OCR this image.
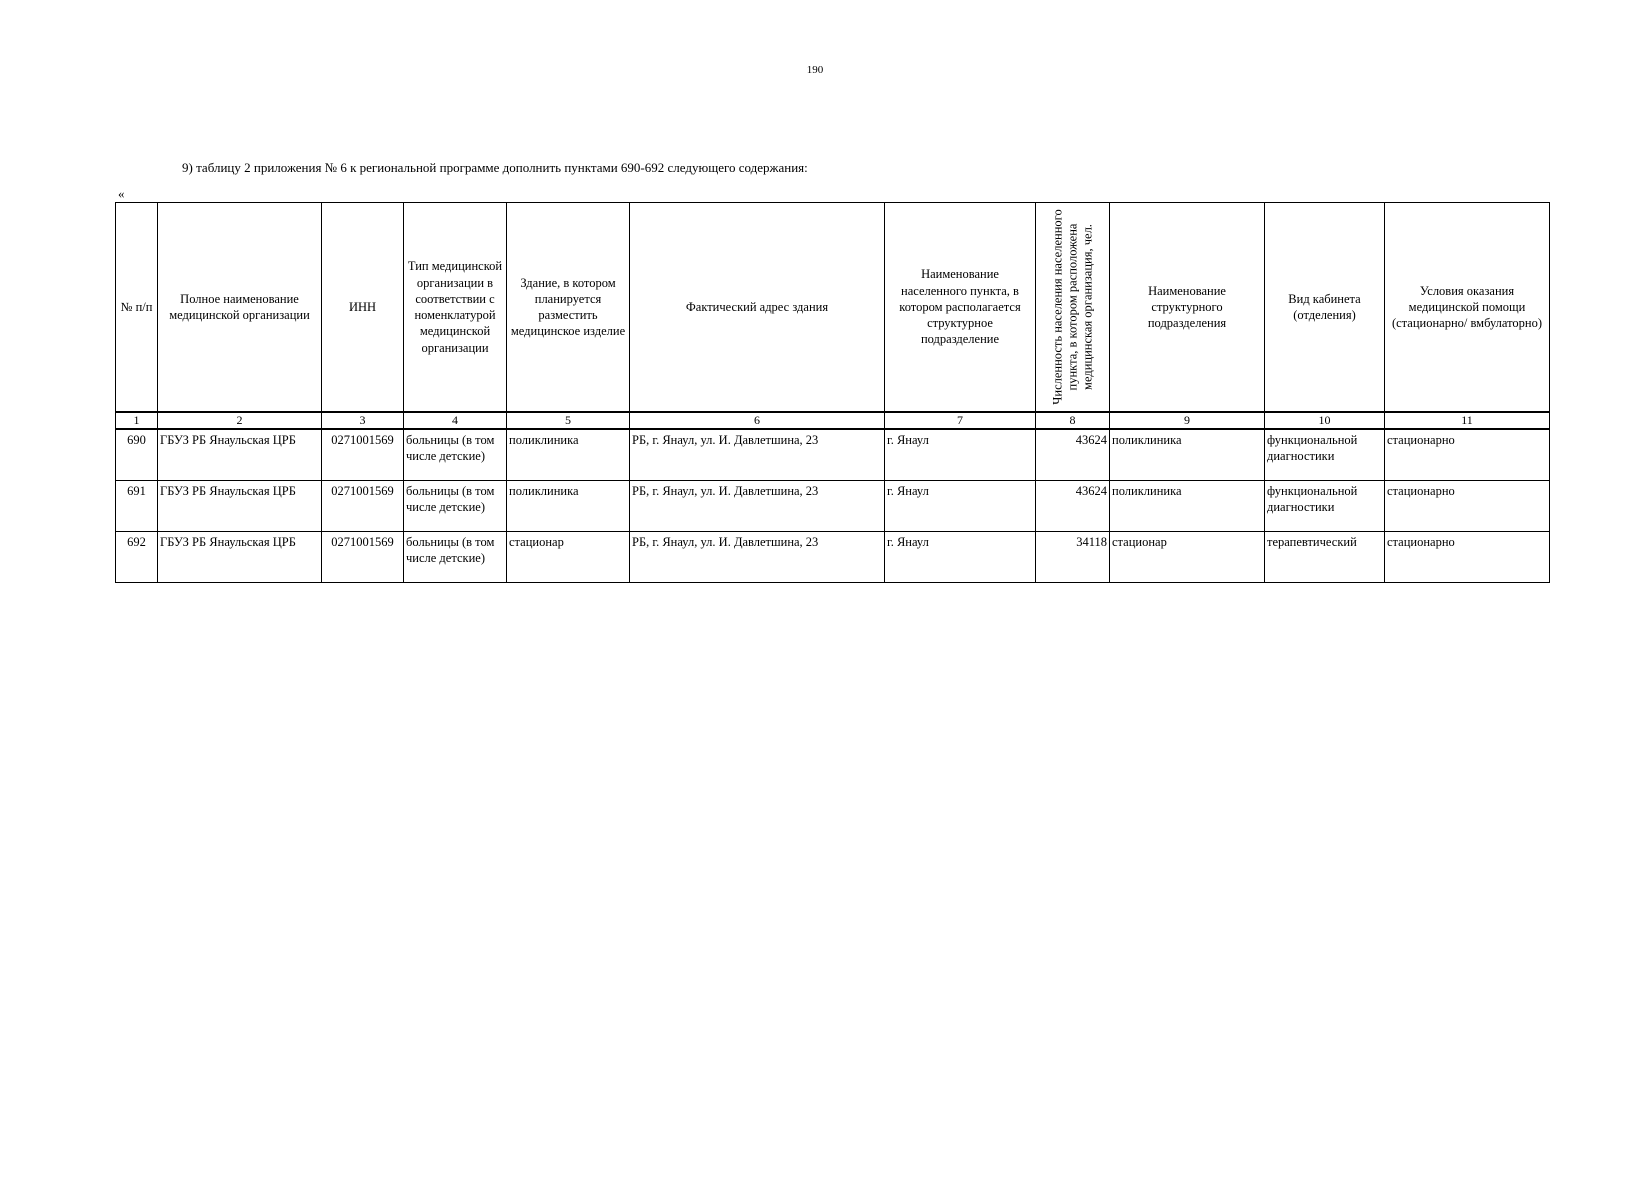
190
9) таблицу 2 приложения № 6 к региональной программе дополнить пунктами 690-692 следующего содержания:
«
№ п/п	Полное наименование медицинской организации	ИНН	Тип медицинской организации в соответствии с номенклатурой медицинской организации	Здание, в котором планируется разместить медицинское изделие	Фактический адрес здания	Наименование населенного пункта, в котором располагается структурное подразделение	Численность населения населенного пункта, в котором расположена медицинская организация, чел.	Наименование структурного подразделения	Вид кабинета (отделения)	Условия оказания медицинской помощи (стационарно/ вмбулаторно)
1	2	3	4	5	6	7	8	9	10	11
690	ГБУЗ РБ Янаульская ЦРБ	0271001569	больницы (в том числе детские)	поликлиника	РБ, г. Янаул, ул. И. Давлетшина, 23	г. Янаул	43624	поликлиника	функциональной диагностики	стационарно
691	ГБУЗ РБ Янаульская ЦРБ	0271001569	больницы (в том числе детские)	поликлиника	РБ, г. Янаул, ул. И. Давлетшина, 23	г. Янаул	43624	поликлиника	функциональной диагностики	стационарно
692	ГБУЗ РБ Янаульская ЦРБ	0271001569	больницы (в том числе детские)	стационар	РБ, г. Янаул, ул. И. Давлетшина, 23	г. Янаул	34118	стационар	терапевтический	стационарно
